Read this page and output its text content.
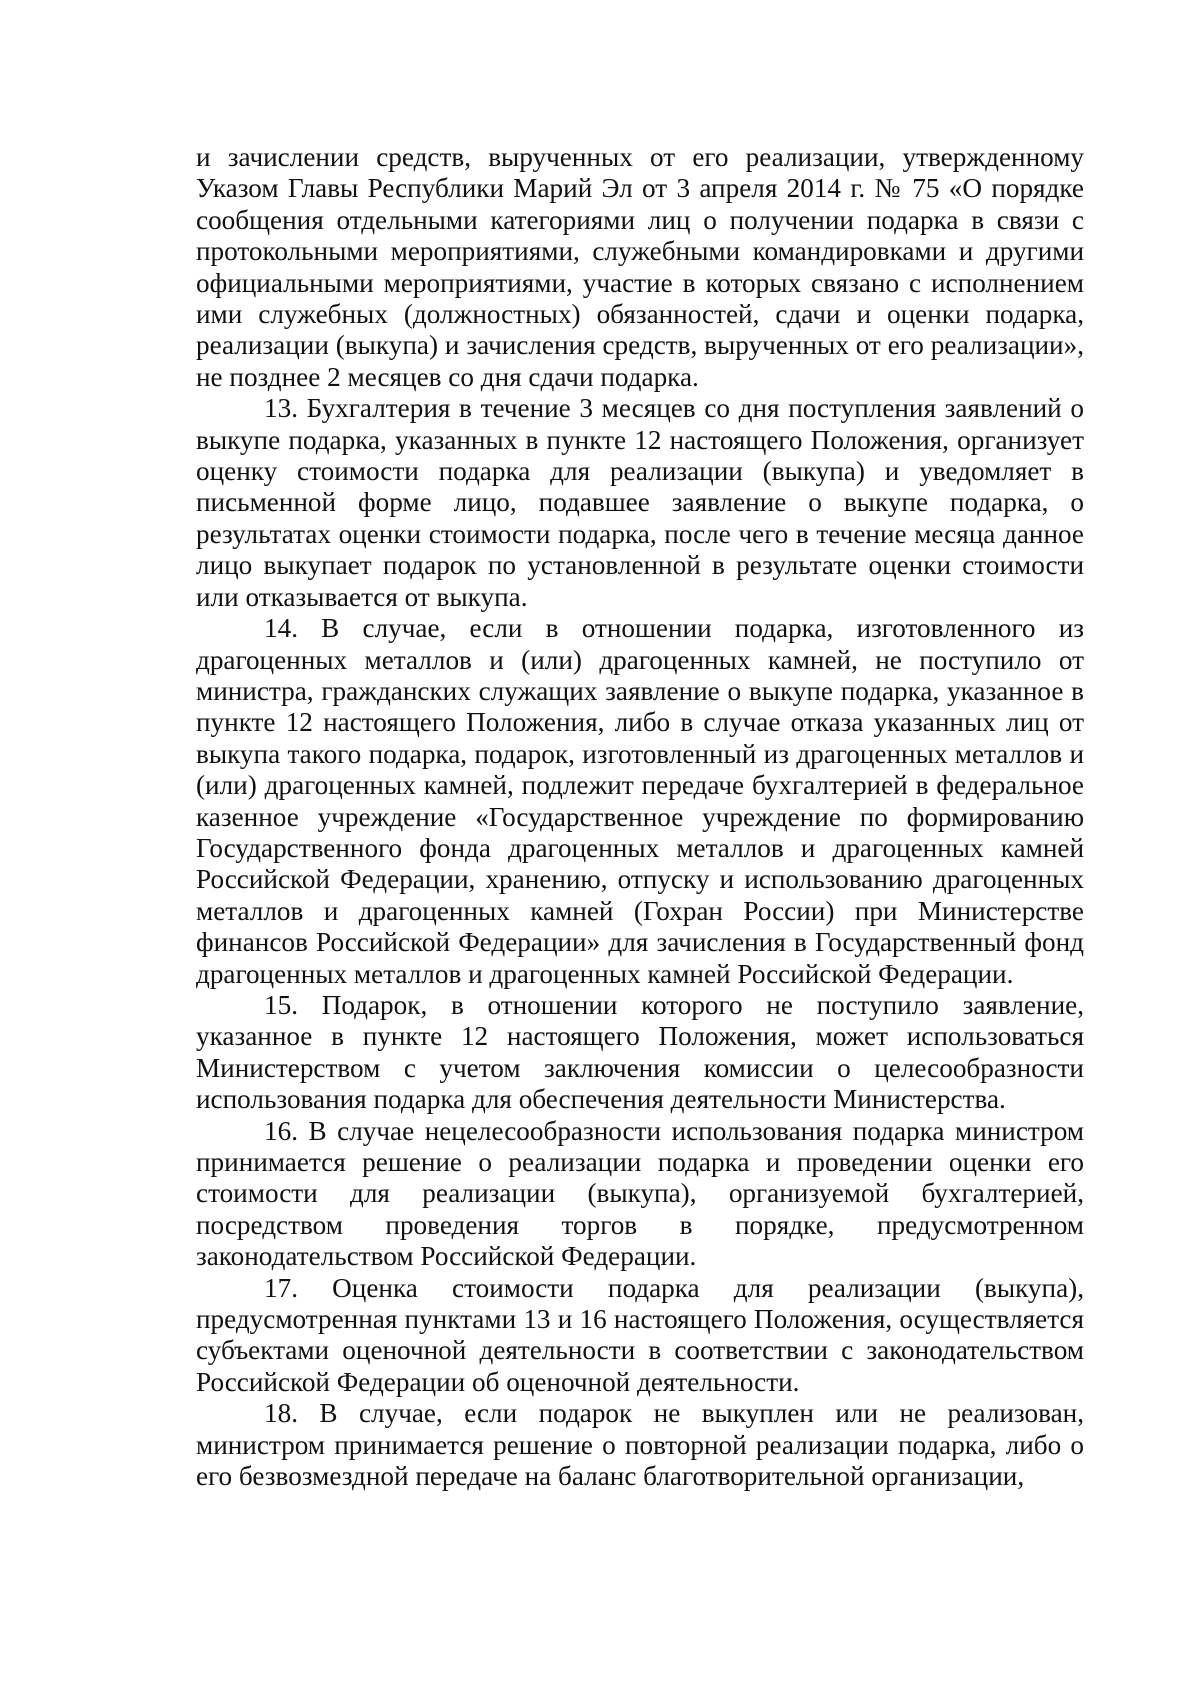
и зачислении средств, вырученных от его реализации, утвержденному Указом Главы Республики Марий Эл от 3 апреля 2014 г. № 75 «О порядке сообщения отдельными категориями лиц о получении подарка в связи с протокольными мероприятиями, служебными командировками и другими официальными мероприятиями, участие в которых связано с исполнением ими служебных (должностных) обязанностей, сдачи и оценки подарка, реализации (выкупа) и зачисления средств, вырученных от его реализации», не позднее 2 месяцев со дня сдачи подарка.

13. Бухгалтерия в течение 3 месяцев со дня поступления заявлений о выкупе подарка, указанных в пункте 12 настоящего Положения, организует оценку стоимости подарка для реализации (выкупа) и уведомляет в письменной форме лицо, подавшее заявление о выкупе подарка, о результатах оценки стоимости подарка, после чего в течение месяца данное лицо выкупает подарок по установленной в результате оценки стоимости или отказывается от выкупа.

14. В случае, если в отношении подарка, изготовленного из драгоценных металлов и (или) драгоценных камней, не поступило от министра, гражданских служащих заявление о выкупе подарка, указанное в пункте 12 настоящего Положения, либо в случае отказа указанных лиц от выкупа такого подарка, подарок, изготовленный из драгоценных металлов и (или) драгоценных камней, подлежит передаче бухгалтерией в федеральное казенное учреждение «Государственное учреждение по формированию Государственного фонда драгоценных металлов и драгоценных камней Российской Федерации, хранению, отпуску и использованию драгоценных металлов и драгоценных камней (Гохран России) при Министерстве финансов Российской Федерации» для зачисления в Государственный фонд драгоценных металлов и драгоценных камней Российской Федерации.

15. Подарок, в отношении которого не поступило заявление, указанное в пункте 12 настоящего Положения, может использоваться Министерством с учетом заключения комиссии о целесообразности использования подарка для обеспечения деятельности Министерства.

16. В случае нецелесообразности использования подарка министром принимается решение о реализации подарка и проведении оценки его стоимости для реализации (выкупа), организуемой бухгалтерией, посредством проведения торгов в порядке, предусмотренном законодательством Российской Федерации.

17. Оценка стоимости подарка для реализации (выкупа), предусмотренная пунктами 13 и 16 настоящего Положения, осуществляется субъектами оценочной деятельности в соответствии с законодательством Российской Федерации об оценочной деятельности.

18. В случае, если подарок не выкуплен или не реализован, министром принимается решение о повторной реализации подарка, либо о его безвозмездной передаче на баланс благотворительной организации,
